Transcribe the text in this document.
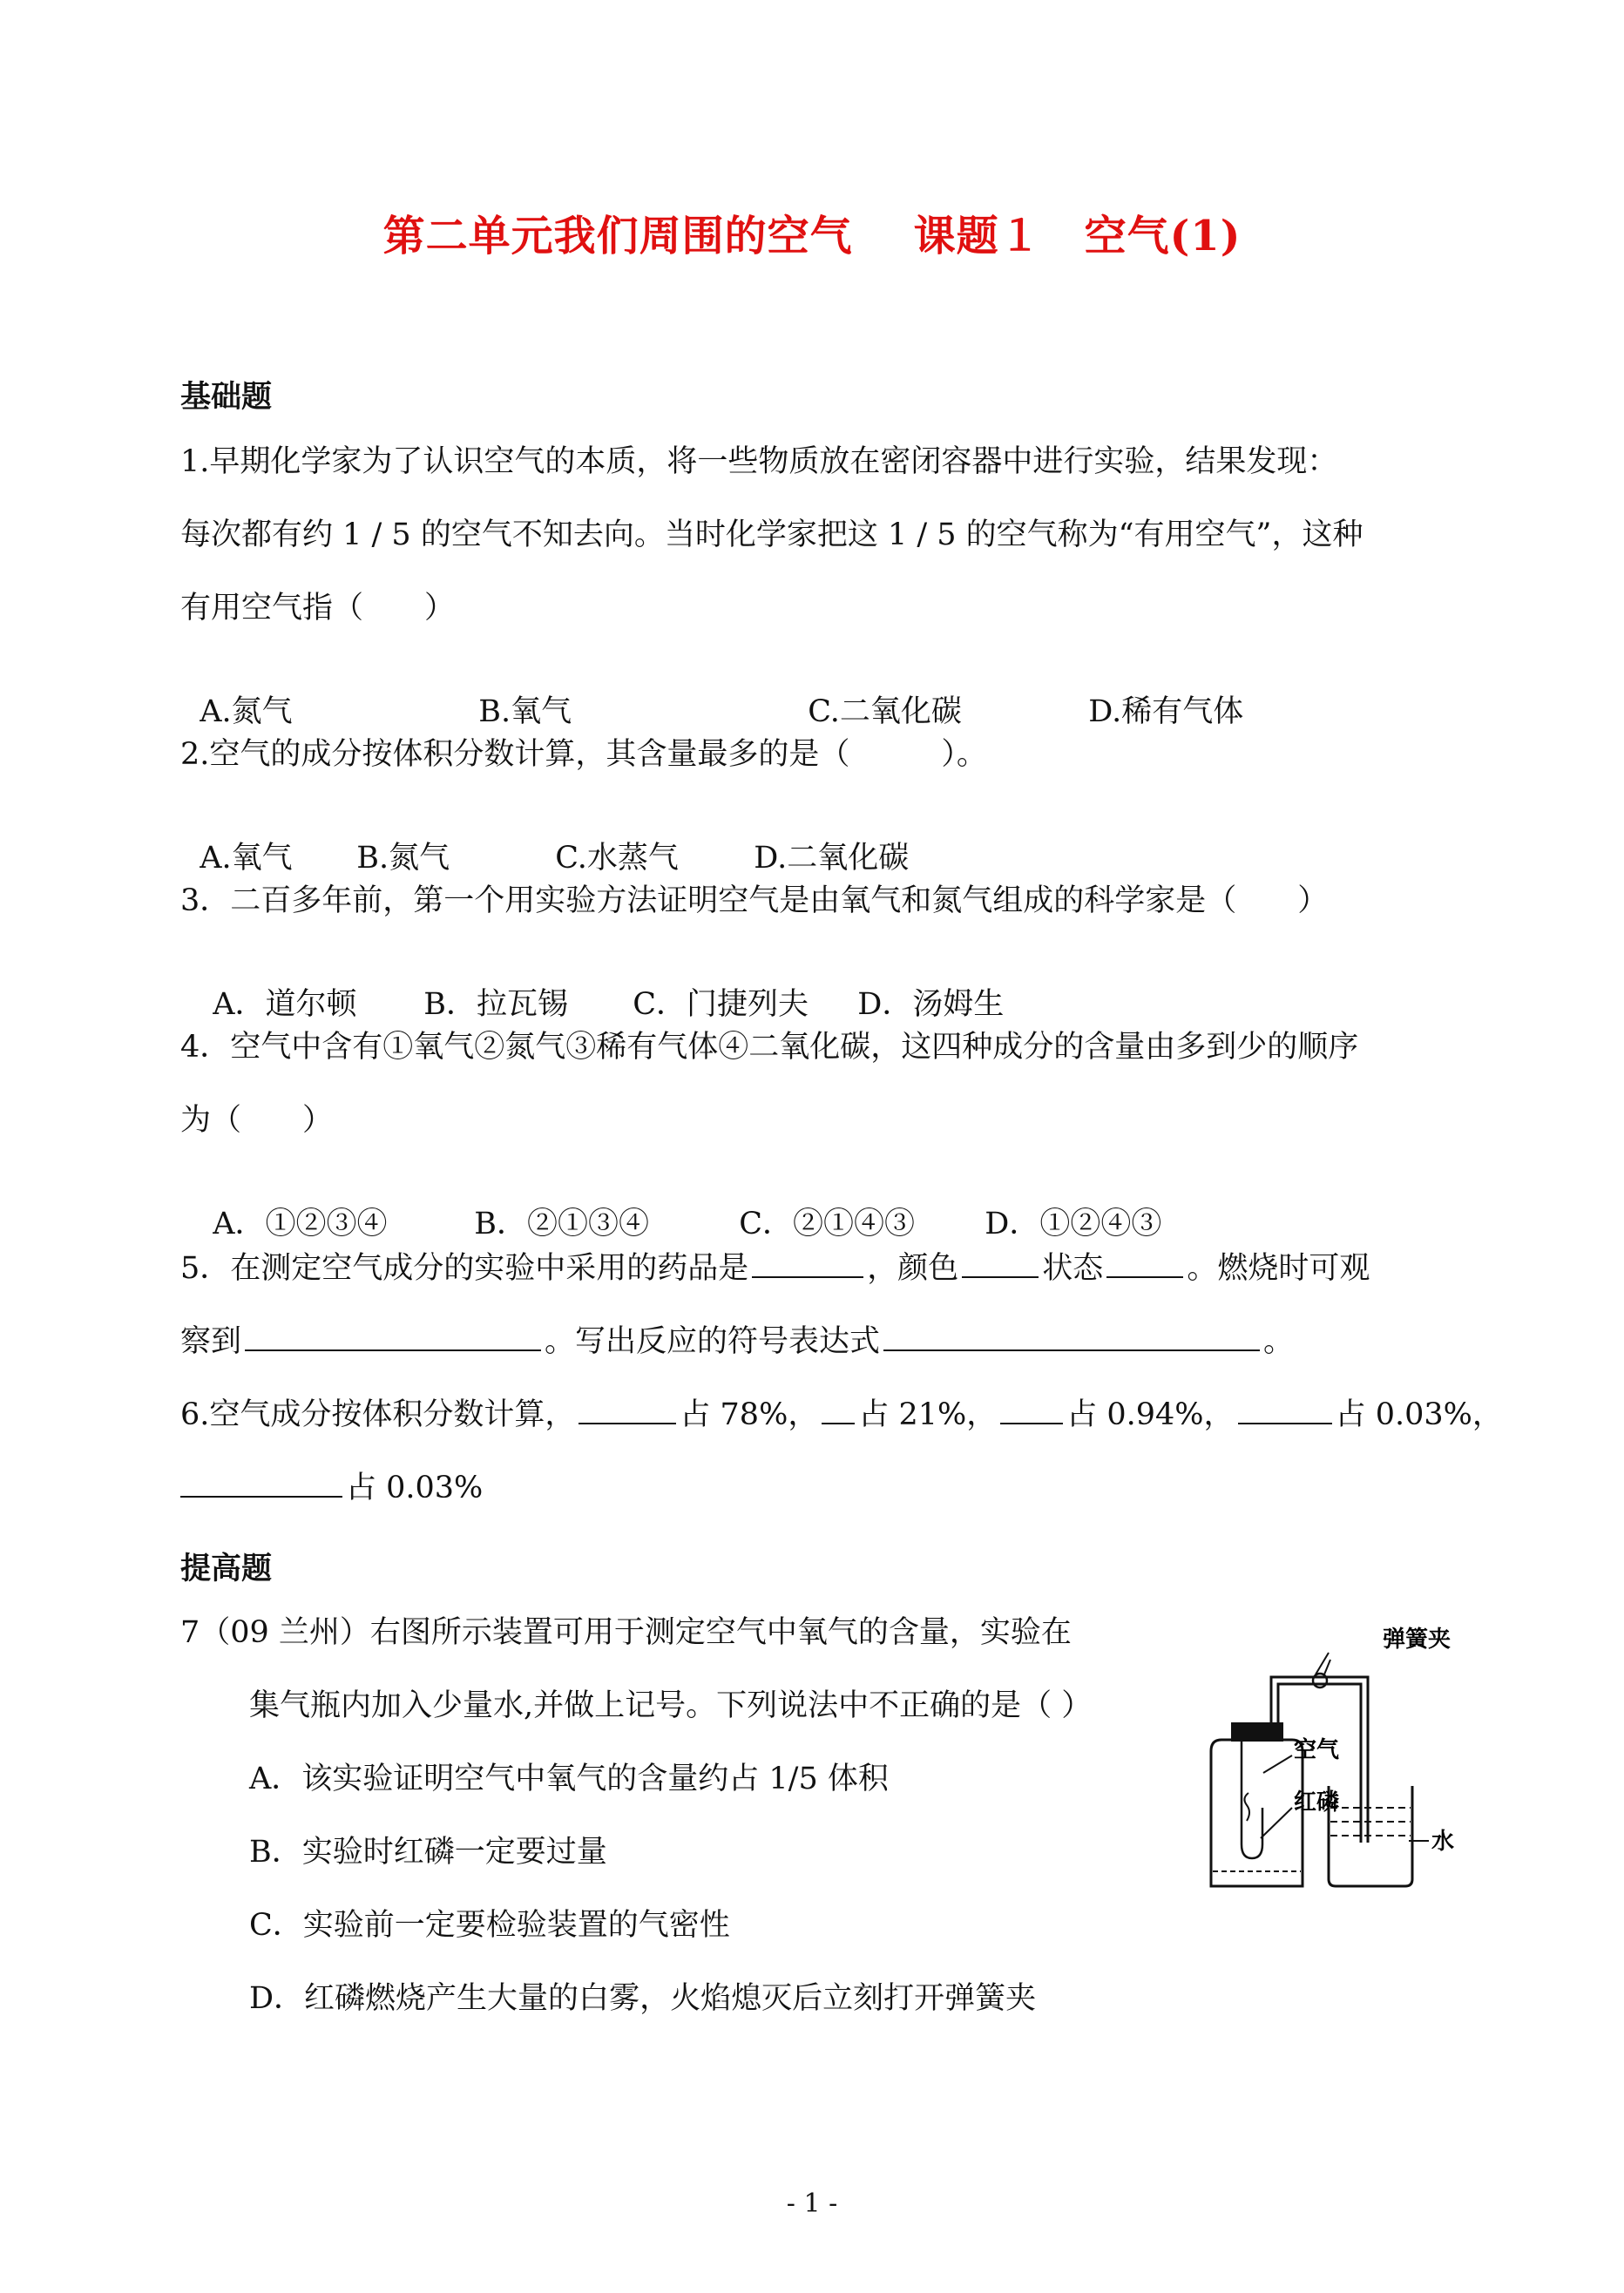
第二单元我们周围的空气 课题１　空气(1)
基础题
1.早期化学家为了认识空气的本质，将一些物质放在密闭容器中进行实验，结果发现：
每次都有约 1 / 5 的空气不知去向。当时化学家把这 1 / 5 的空气称为“有用空气”，这种
有用空气指（　　）

A.氮气	B.氧气	C.二氧化碳	D.稀有气体

2.空气的成分按体积分数计算，其含量最多的是（　　　）。

A.氧气 B.氮气	C.水蒸气 D.二氧化碳

3．二百多年前，第一个用实验方法证明空气是由氧气和氮气组成的科学家是（　　）

A．道尔顿 B．拉瓦锡 C．门捷列夫 D．汤姆生

4．空气中含有①氧气②氮气③稀有气体④二氧化碳，这四种成分的含量由多到少的顺序
为（　　）

A．①②③④	B．②①③④	C．②①④③ D．①②④③

5．在测定空气成分的实验中采用的药品是	，颜色	状态	。燃烧时可观
察到	。写出反应的符号表达式	。
6.空气成分按体积分数计算，	占 78%， 占 21%， 占 0.94%，	占 0.03%，
占 0.03%
提高题
7（09 兰州）右图所示装置可用于测定空气中氧气的含量，实验在
集气瓶内加入少量水,并做上记号。下列说法中不正确的是（ ）
A．该实验证明空气中氧气的含量约占 1/5 体积
B．实验时红磷一定要过量
C．实验前一定要检验装置的气密性
D．红磷燃烧产生大量的白雾，火焰熄灭后立刻打开弹簧夹
弹簧夹
空气
红磷
水
- 1 -
